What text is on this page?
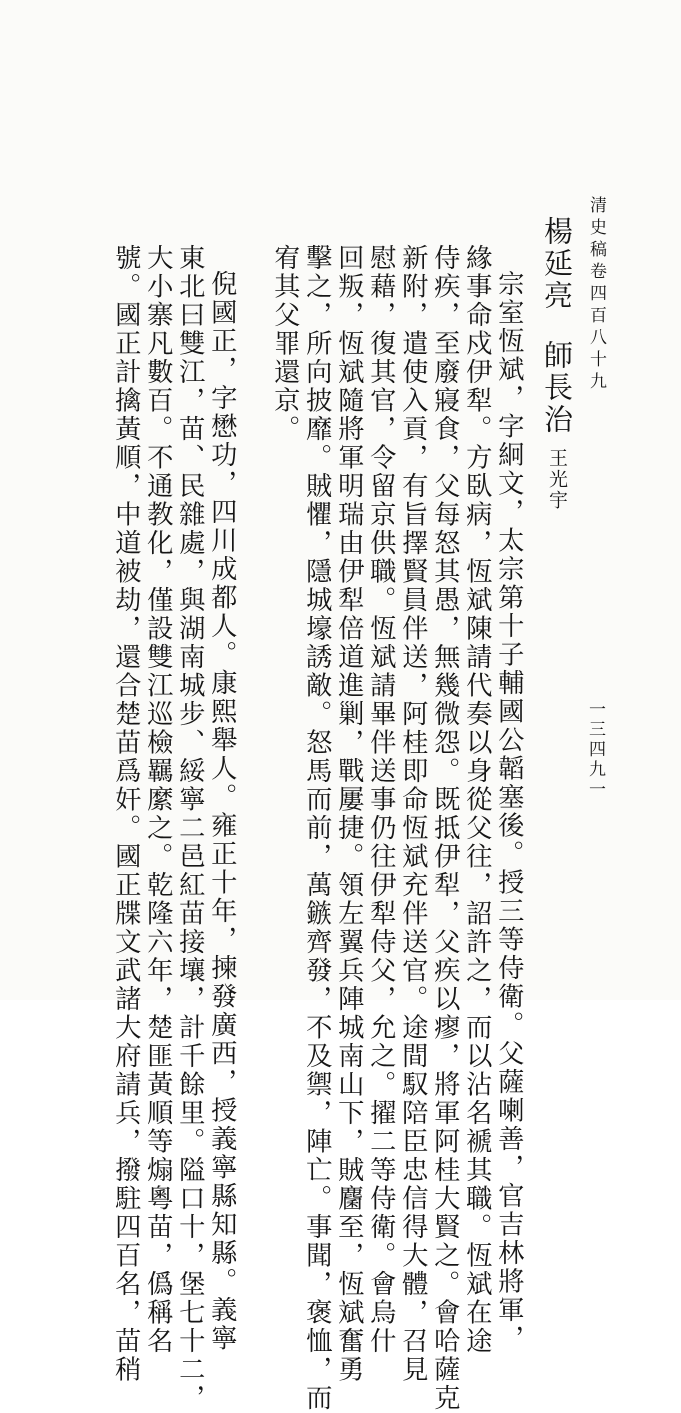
清史稿卷四百八十九
一三四九一
楊延亮師長治王光宇
宗室恆斌，字絅文，太宗第十子輔國公韜塞後。授三等侍衛。父薩喇善，官吉林將軍，
緣事命戍伊犁。方臥病，恆斌陳請代奏以身從父往，詔許之，而以沾名褫其職。恆斌在途
侍疾，至廢寢食，父每怒其愚，無幾微怨。既抵伊犁，父疾以瘳，將軍阿桂大賢之。會哈薩克
新附，遣使入貢，有旨擇賢員伴送，阿桂即命恆斌充伴送官。途間馭陪臣忠信得大體，召見
慰藉，復其官，令留京供職。恆斌請畢伴送事仍往伊犁侍父，允之。擢二等侍衛。會烏什
回叛，恆斌隨將軍明瑞由伊犁倍道進剿，戰屢捷。領左翼兵陣城南山下，賊麕至，恆斌奮勇
擊之，所向披靡。賊懼，隱城壕誘敵。怒馬而前，萬鏃齊發，不及禦，陣亡。事聞，褒恤，而
宥其父罪還京。
倪國正，字懋功，四川成都人。康熙舉人。雍正十年，揀發廣西，授義寧縣知縣。義寧
東北曰雙江，苗、民雜處，與湖南城步、綏寧二邑紅苗接壤，計千餘里。隘口十，堡七十二，
大小寨凡數百。不通教化，僅設雙江巡檢羈縻之。乾隆六年，楚匪黃順等煽粵苗，僞稱名
號。國正計擒黃順，中道被劫，還合楚苗爲奸。國正牒文武諸大府請兵，撥駐四百名，苗稍
